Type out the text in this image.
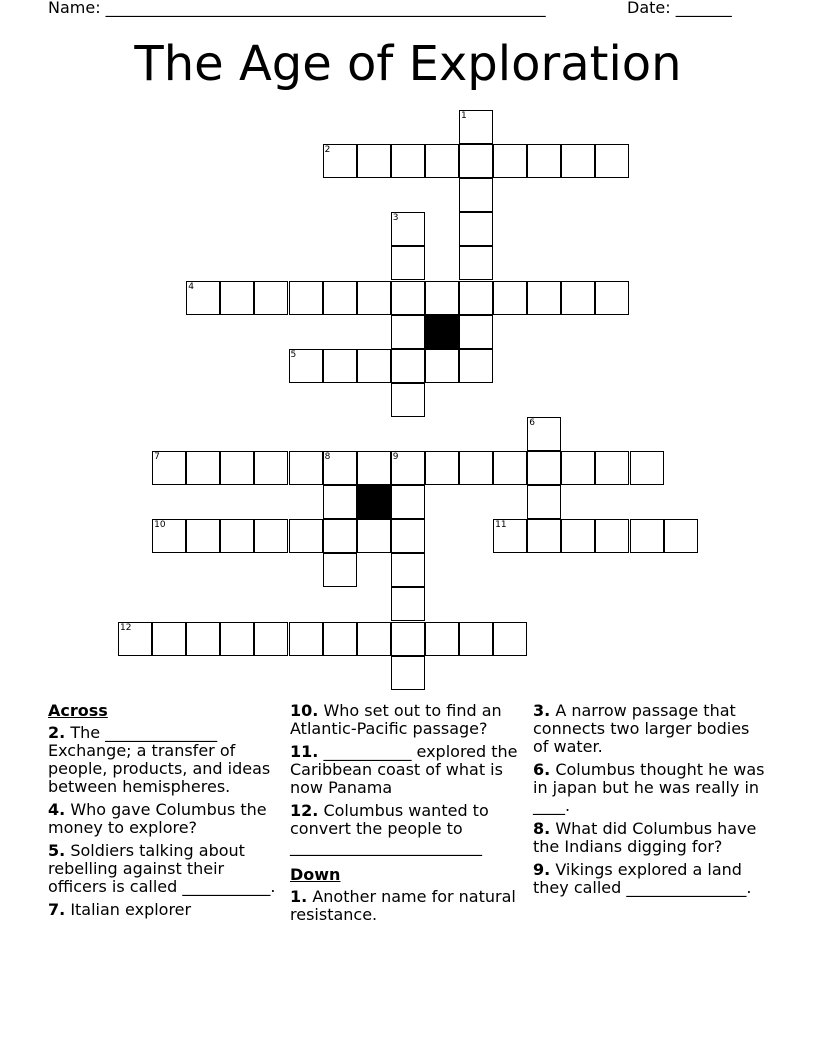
Name: _______________________________________________________	Date: _______
The Age of Exploration
1
2
3
4
5
6
7	8	9
10	11
12
Across
2. The ______________ Exchange; a transfer of people, products, and ideas between hemispheres.
4. Who gave Columbus the money to explore?
5. Soldiers talking about rebelling against their officers is called ___________.
7. Italian explorer
10. Who set out to find an Atlantic-Pacific passage?
11. ___________ explored the Caribbean coast of what is now Panama
12. Columbus wanted to convert the people to ________________________
Down
1. Another name for natural resistance.
3. A narrow passage that connects two larger bodies of water.
6. Columbus thought he was in japan but he was really in ____.
8. What did Columbus have the Indians digging for?
9. Vikings explored a land they called _______________.
